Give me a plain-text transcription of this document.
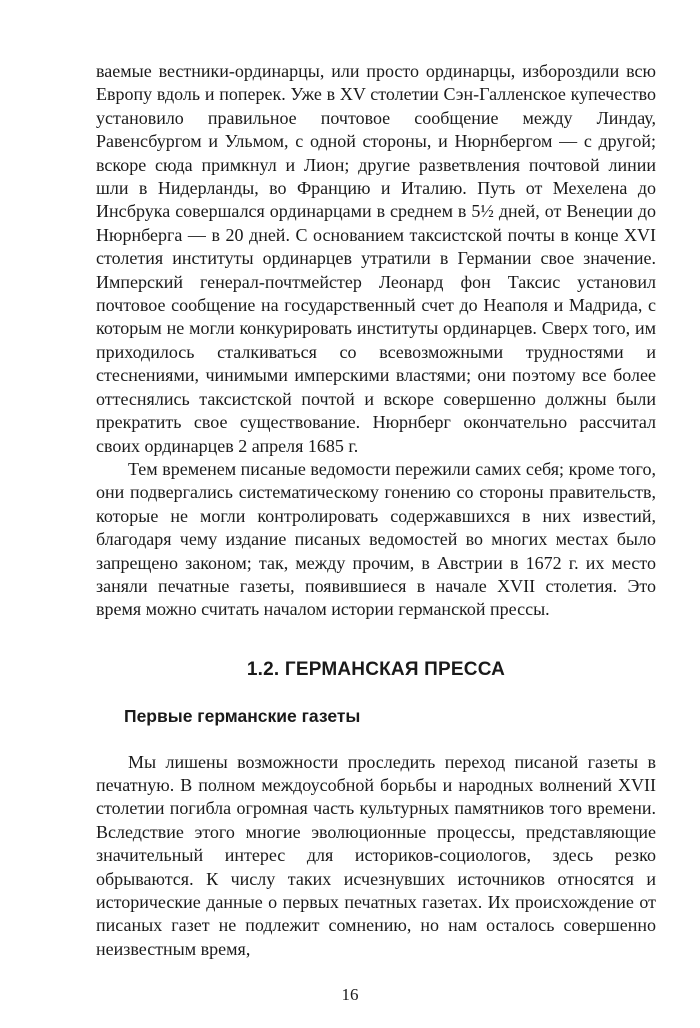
ваемые вестники-ординарцы, или просто ординарцы, избороздили всю Европу вдоль и поперек. Уже в XV столетии Сэн-Галленское купечество установило правильное почтовое сообщение между Линдау, Равенсбургом и Ульмом, с одной стороны, и Нюрнбергом — с другой; вскоре сюда примкнул и Лион; другие разветвления почтовой линии шли в Нидерланды, во Францию и Италию. Путь от Мехелена до Инсбрука совершался ординарцами в среднем в 5½ дней, от Венеции до Нюрнберга — в 20 дней. С основанием таксистской почты в конце XVI столетия институты ординарцев утратили в Германии свое значение. Имперский генерал-почтмейстер Леонард фон Таксис установил почтовое сообщение на государственный счет до Неаполя и Мадрида, с которым не могли конкурировать институты ординарцев. Сверх того, им приходилось сталкиваться со всевозможными трудностями и стеснениями, чинимыми имперскими властями; они поэтому все более оттеснялись таксистской почтой и вскоре совершенно должны были прекратить свое существование. Нюрнберг окончательно рассчитал своих ординарцев 2 апреля 1685 г.

Тем временем писаные ведомости пережили самих себя; кроме того, они подвергались систематическому гонению со стороны правительств, которые не могли контролировать содержавшихся в них известий, благодаря чему издание писаных ведомостей во многих местах было запрещено законом; так, между прочим, в Австрии в 1672 г. их место заняли печатные газеты, появившиеся в начале XVII столетия. Это время можно считать началом истории германской прессы.

1.2. ГЕРМАНСКАЯ ПРЕССА
Первые германские газеты

Мы лишены возможности проследить переход писаной газеты в печатную. В полном междоусобной борьбы и народных волнений XVII столетии погибла огромная часть культурных памятников того времени. Вследствие этого многие эволюционные процессы, представляющие значительный интерес для историков-социологов, здесь резко обрываются. К числу таких исчезнувших источников относятся и исторические данные о первых печатных газетах. Их происхождение от писаных газет не подлежит сомнению, но нам осталось совершенно неизвестным время,

16
